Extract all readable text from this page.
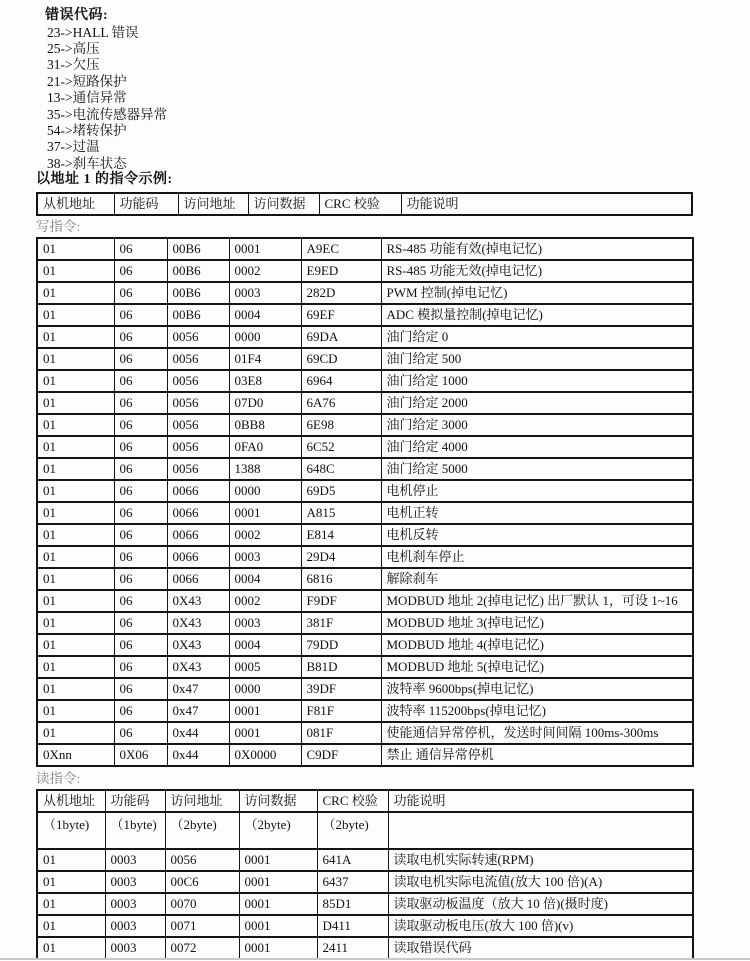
错误代码:
23->HALL 错误
25->高压
31->欠压
21->短路保护
13->通信异常
35->电流传感器异常
54->堵转保护
37->过温
38->刹车状态
以地址 1 的指令示例:
从机地址	功能码	访问地址	访问数据	CRC 校验	功能说明
写指令:
01	06	00B6	0001	A9EC	RS-485 功能有效(掉电记忆)
01	06	00B6	0002	E9ED	RS-485 功能无效(掉电记忆)
01	06	00B6	0003	282D	PWM 控制(掉电记忆)
01	06	00B6	0004	69EF	ADC 模拟量控制(掉电记忆)
01	06	0056	0000	69DA	油门给定 0
01	06	0056	01F4	69CD	油门给定 500
01	06	0056	03E8	6964	油门给定 1000
01	06	0056	07D0	6A76	油门给定 2000
01	06	0056	0BB8	6E98	油门给定 3000
01	06	0056	0FA0	6C52	油门给定 4000
01	06	0056	1388	648C	油门给定 5000
01	06	0066	0000	69D5	电机停止
01	06	0066	0001	A815	电机正转
01	06	0066	0002	E814	电机反转
01	06	0066	0003	29D4	电机刹车停止
01	06	0066	0004	6816	解除刹车
01	06	0X43	0002	F9DF	MODBUD 地址 2(掉电记忆) 出厂默认 1，可设 1~16
01	06	0X43	0003	381F	MODBUD 地址 3(掉电记忆)
01	06	0X43	0004	79DD	MODBUD 地址 4(掉电记忆)
01	06	0X43	0005	B81D	MODBUD 地址 5(掉电记忆)
01	06	0x47	0000	39DF	波特率 9600bps(掉电记忆)
01	06	0x47	0001	F81F	波特率 115200bps(掉电记忆)
01	06	0x44	0001	081F	使能通信异常停机，发送时间间隔 100ms-300ms
0Xnn	0X06	0x44	0X0000	C9DF	禁止 通信异常停机
读指令:
从机地址	功能码	访问地址	访问数据	CRC 校验	功能说明
（1byte)	（1byte)	（2byte)	（2byte)	（2byte)	
01	0003	0056	0001	641A	读取电机实际转速(RPM)
01	0003	00C6	0001	6437	读取电机实际电流值(放大 100 倍)(A)
01	0003	0070	0001	85D1	读取驱动板温度（放大 10 倍)(摄时度)
01	0003	0071	0001	D411	读取驱动板电压(放大 100 倍)(v)
01	0003	0072	0001	2411	读取错误代码
